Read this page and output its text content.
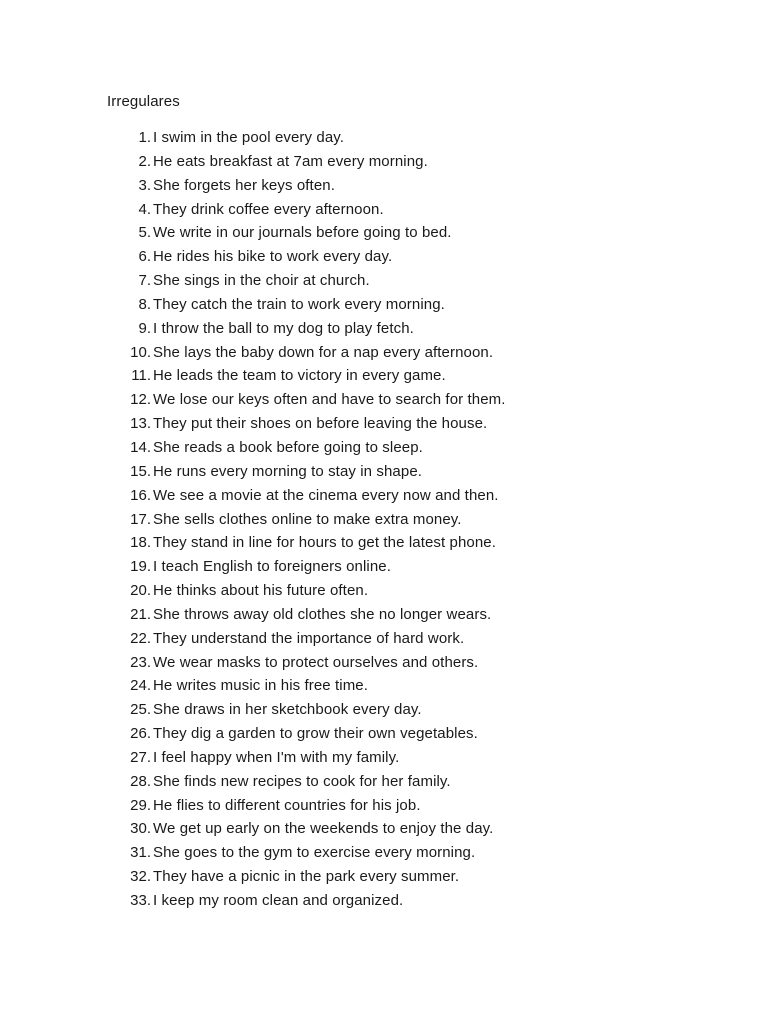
Irregulares
1. I swim in the pool every day.
2. He eats breakfast at 7am every morning.
3. She forgets her keys often.
4. They drink coffee every afternoon.
5. We write in our journals before going to bed.
6. He rides his bike to work every day.
7. She sings in the choir at church.
8. They catch the train to work every morning.
9. I throw the ball to my dog to play fetch.
10. She lays the baby down for a nap every afternoon.
11. He leads the team to victory in every game.
12. We lose our keys often and have to search for them.
13. They put their shoes on before leaving the house.
14. She reads a book before going to sleep.
15. He runs every morning to stay in shape.
16. We see a movie at the cinema every now and then.
17. She sells clothes online to make extra money.
18. They stand in line for hours to get the latest phone.
19. I teach English to foreigners online.
20. He thinks about his future often.
21. She throws away old clothes she no longer wears.
22. They understand the importance of hard work.
23. We wear masks to protect ourselves and others.
24. He writes music in his free time.
25. She draws in her sketchbook every day.
26. They dig a garden to grow their own vegetables.
27. I feel happy when I'm with my family.
28. She finds new recipes to cook for her family.
29. He flies to different countries for his job.
30. We get up early on the weekends to enjoy the day.
31. She goes to the gym to exercise every morning.
32. They have a picnic in the park every summer.
33. I keep my room clean and organized.
